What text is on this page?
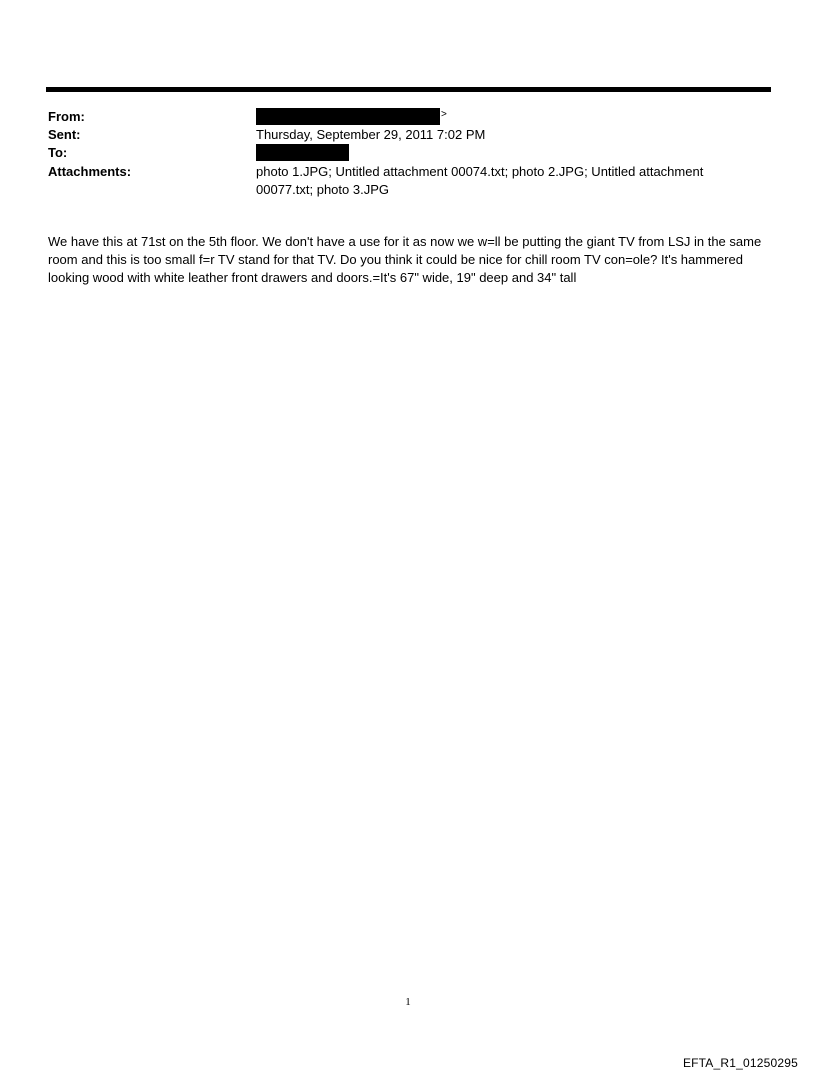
From:	>
Sent:	Thursday, September 29, 2011 7:02 PM
To:
Attachments:	photo 1.JPG; Untitled attachment 00074.txt; photo 2.JPG; Untitled attachment 00077.txt; photo 3.JPG
We have this at 71st on the 5th floor. We don't have a use for it as now we w=ll be putting the giant TV from LSJ in the same room and this is too small f=r TV stand for that TV. Do you think it could be nice for chill room TV con=ole? It's hammered looking wood with white leather front drawers and doors.=It's 67" wide, 19" deep and 34" tall
1
EFTA_R1_01250295
